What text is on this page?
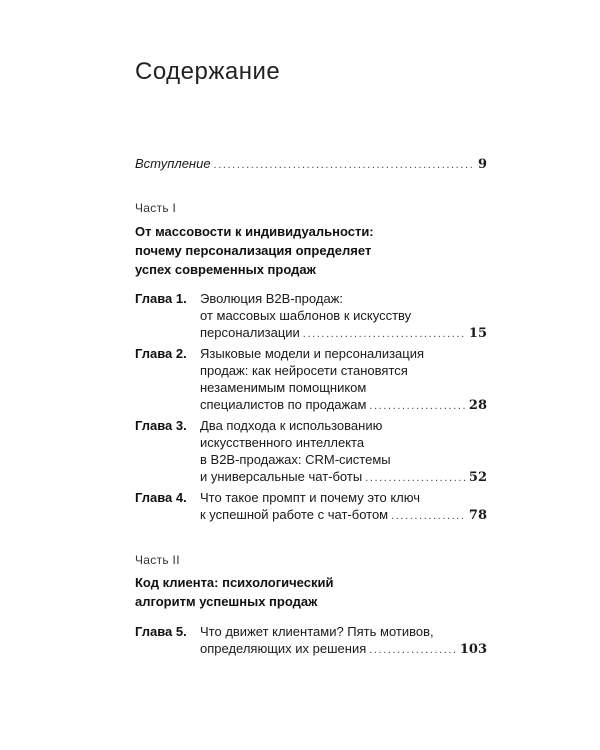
Содержание
Вступление .....	9
Часть I
От массовости к индивидуальности:
почему персонализация определяет
успех современных продаж
Глава 1. Эволюция B2B-продаж:
от массовых шаблонов к искусству
персонализации .....	15
Глава 2. Языковые модели и персонализация
продаж: как нейросети становятся
незаменимым помощником
специалистов по продажам .....	28
Глава 3. Два подхода к использованию
искусственного интеллекта
в B2B-продажах: CRM-системы
и универсальные чат-боты .....	52
Глава 4. Что такое промпт и почему это ключ
к успешной работе с чат-ботом .....	78
Часть II
Код клиента: психологический
алгоритм успешных продаж
Глава 5. Что движет клиентами? Пять мотивов,
определяющих их решения .....	103
